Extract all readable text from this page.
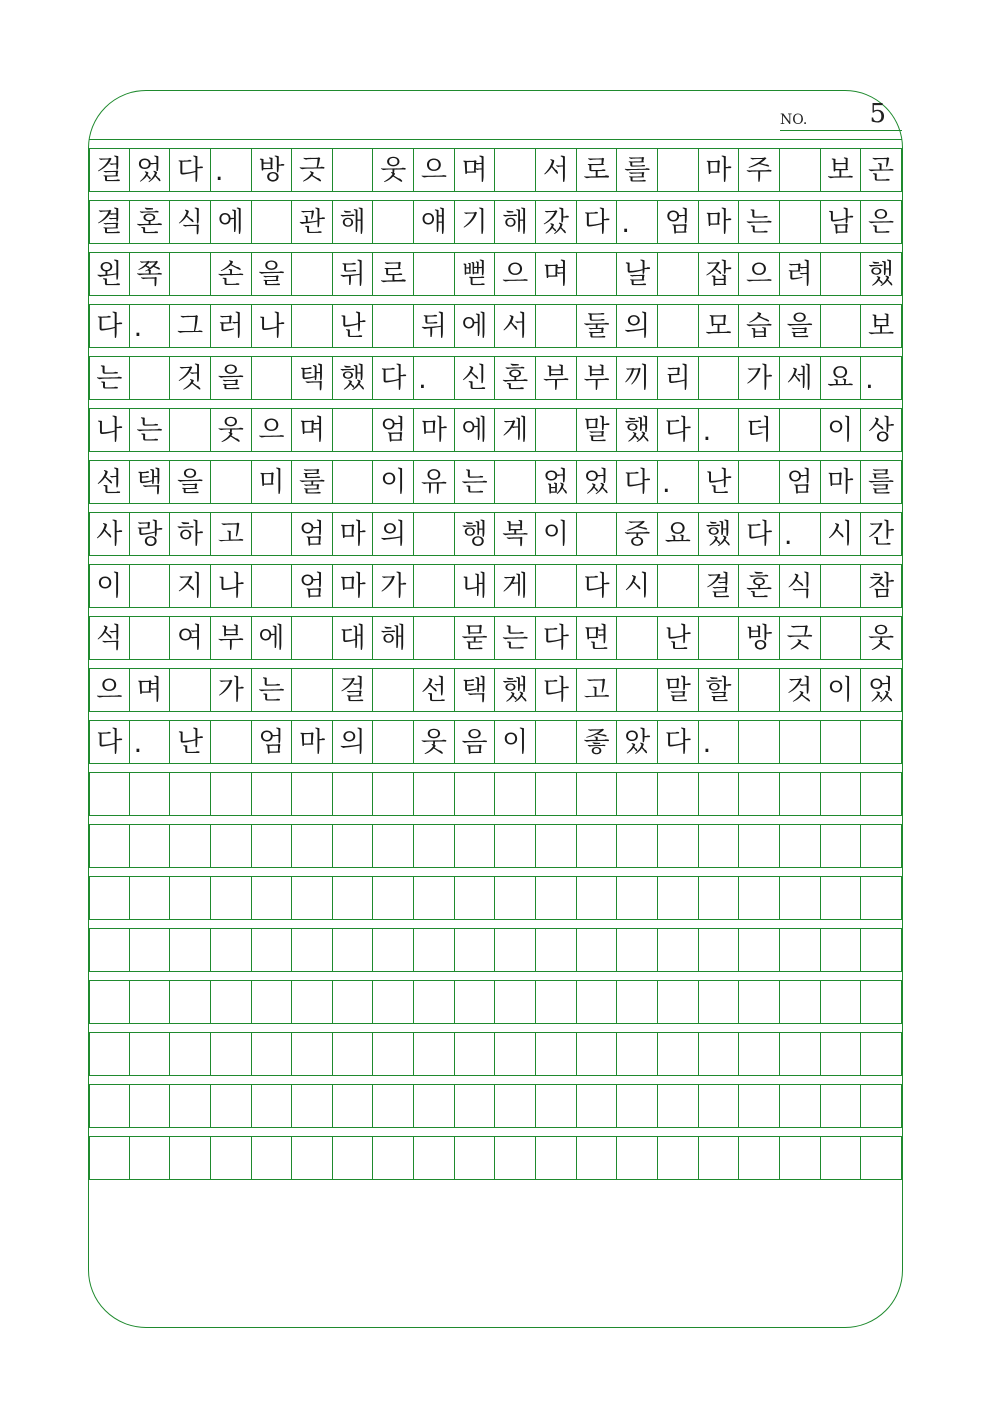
NO. 5
걸 었 다 .	방 긋 웃 으 며 서 로 를 마 주 보 곤
결 혼 식 에 관 해 얘 기 해 갔 다 .	엄 마 는 남 은
왼 쪽 손 을 뒤 로 뻗 으 며 날 잡 으 려 했
다 .	그 러 나 난 뒤 에 서 둘 의 모 습 을 보
는 것 을 택 했 다 .	신 혼 부 부 끼 리 가 세 요 .
나 는 웃 으 며 엄 마 에 게 말 했 다 .	더 이 상
선 택 을 미 룰 이 유 는 없 었 다 .	난 엄 마 를
사 랑 하 고 엄 마 의 행 복 이 중 요 했 다 .	시 간
이 지 나 엄 마 가 내 게 다 시 결 혼 식 참
석 여 부 에 대 해 묻 는 다 면 난 방 긋 웃
으 며 가 는 걸 선 택 했 다 고 말 할 것 이 었
다 .	난 엄 마 의 웃 음 이 좋 았 다 .
